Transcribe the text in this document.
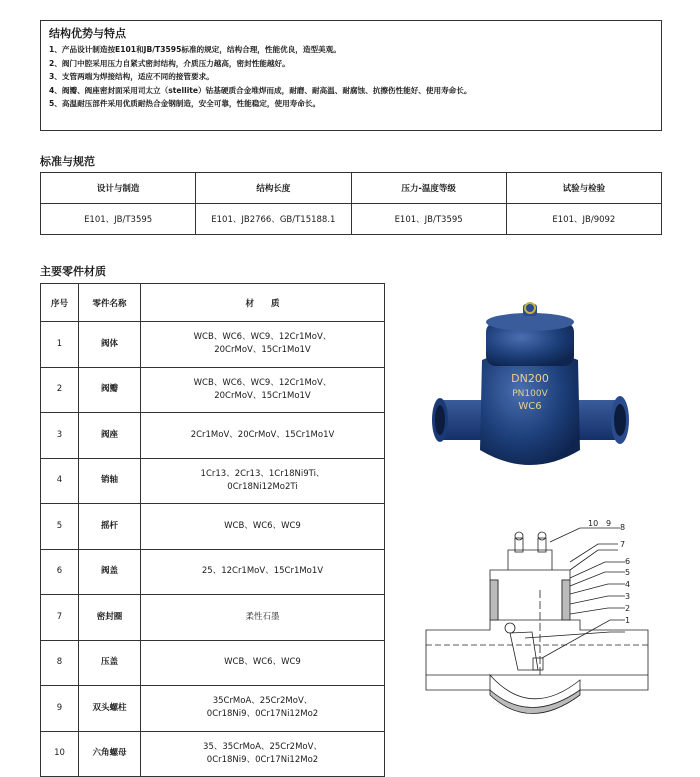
结构优势与特点
1、产品设计制造按E101和JB/T3595标准的规定，结构合理，性能优良，造型美观。
2、阀门中腔采用压力自紧式密封结构，介质压力越高，密封性能越好。
3、支管两端为焊接结构，适应不同的接管要求。
4、阀瓣、阀座密封面采用司太立（stellite）钴基硬质合金堆焊而成，耐磨、耐高温、耐腐蚀、抗擦伤性能好、使用寿命长。
5、高温耐压部件采用优质耐热合金钢制造，安全可靠，性能稳定，使用寿命长。
标准与规范
设计与制造	结构长度	压力-温度等级	试验与检验
E101、JB/T3595	E101、JB2766、GB/T15188.1	E101、JB/T3595	E101、JB/9092
主要零件材质
序号	零件名称	材　　质
1	阀体	WCB、WC6、WC9、12Cr1MoV、
20CrMoV、15Cr1Mo1V

2	阀瓣	WCB、WC6、WC9、12Cr1MoV、
20CrMoV、15Cr1Mo1V

3	阀座	2Cr1MoV、20CrMoV、15Cr1Mo1V

4	销轴	1Cr13、2Cr13、1Cr18Ni9Ti、
0Cr18Ni12Mo2Ti

5	摇杆	WCB、WC6、WC9

6	阀盖	25、12Cr1MoV、15Cr1Mo1V

7	密封圈	柔性石墨

8	压盖	WCB、WC6、WC9

9	双头螺柱	35CrMoA、25Cr2MoV、
0Cr18Ni9、0Cr17Ni12Mo2

10	六角螺母	35、35CrMoA、25Cr2MoV、
0Cr18Ni9、0Cr17Ni12Mo2
DN200
PN100V
WC6
10 9 8
7
6
5
4
3
2
1
